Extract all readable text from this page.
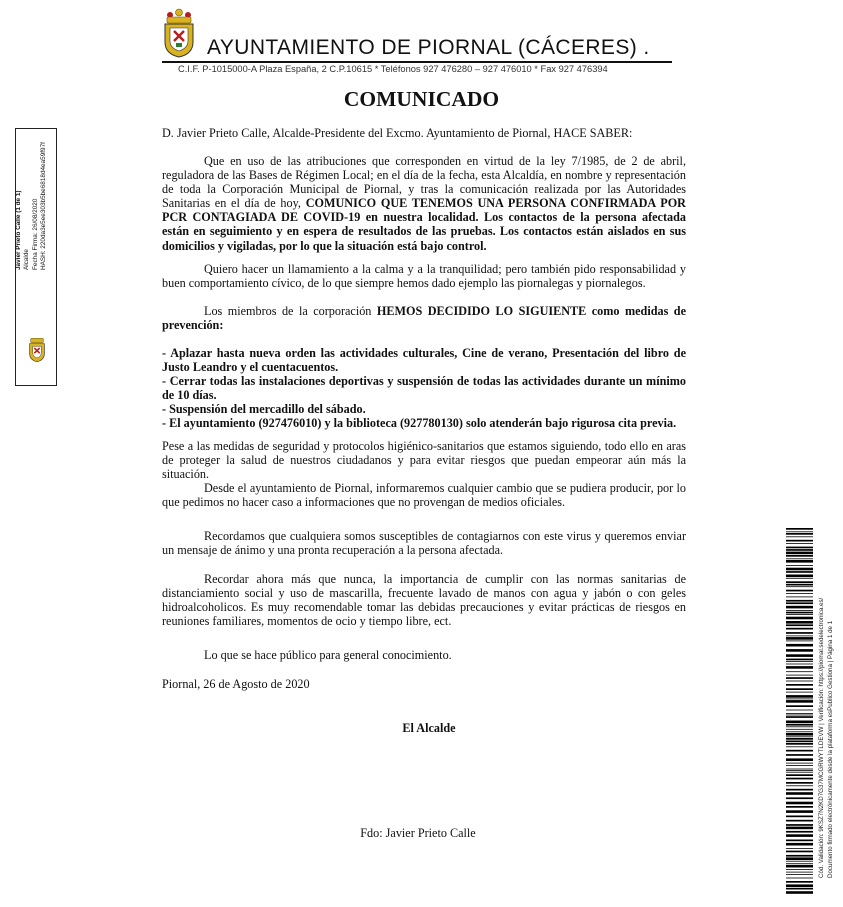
AYUNTAMIENTO DE PIORNAL (CÁCERES) .
C.I.F. P-1015000-A Plaza España, 2 C.P.10615 * Teléfonos 927 476280 – 927 476010 * Fax 927 476394
COMUNICADO
D. Javier Prieto Calle, Alcalde-Presidente del Excmo. Ayuntamiento de Piornal, HACE SABER:

Que en uso de las atribuciones que corresponden en virtud de la ley 7/1985, de 2 de abril, reguladora de las Bases de Régimen Local; en el día de la fecha, esta Alcaldía, en nombre y representación de toda la Corporación Municipal de Piornal, y tras la comunicación realizada por las Autoridades Sanitarias en el día de hoy, COMUNICO QUE TENEMOS UNA PERSONA CONFIRMADA POR PCR CONTAGIADA DE COVID-19 en nuestra localidad. Los contactos de la persona afectada están en seguimiento y en espera de resultados de las pruebas. Los contactos están aislados en sus domicilios y vigiladas, por lo que la situación está bajo control.

Quiero hacer un llamamiento a la calma y a la tranquilidad; pero también pido responsabilidad y buen comportamiento cívico, de lo que siempre hemos dado ejemplo las piornalegas y piornalegos.

Los miembros de la corporación HEMOS DECIDIDO LO SIGUIENTE como medidas de prevención:

- Aplazar hasta nueva orden las actividades culturales, Cine de verano, Presentación del libro de Justo Leandro y el cuentacuentos.

- Cerrar todas las instalaciones deportivas y suspensión de todas las actividades durante un mínimo de 10 días.

- Suspensión del mercadillo del sábado.

- El ayuntamiento (927476010) y la biblioteca (927780130) solo atenderán bajo rigurosa cita previa.

Pese a las medidas de seguridad y protocolos higiénico-sanitarios que estamos siguiendo, todo ello en aras de proteger la salud de nuestros ciudadanos y para evitar riesgos que puedan empeorar aún más la situación.

Desde el ayuntamiento de Piornal, informaremos cualquier cambio que se pudiera producir, por lo que pedimos no hacer caso a informaciones que no provengan de medios oficiales.

Recordamos que cualquiera somos susceptibles de contagiarnos con este virus y queremos enviar un mensaje de ánimo y una pronta recuperación a la persona afectada.

Recordar ahora más que nunca, la importancia de cumplir con las normas sanitarias de distanciamiento social y uso de mascarilla, frecuente lavado de manos con agua y jabón o con geles hidroalcoholicos. Es muy recomendable tomar las debidas precauciones y evitar prácticas de riesgos en reuniones familiares, momentos de ocio y tiempo libre, ect.

Lo que se hace público para general conocimiento.

Piornal, 26 de Agosto de 2020
El Alcalde
Fdo: Javier Prieto Calle
Javier Prieto Calle (1 de 1) Alcalde Fecha Firma: 26/08/2020 HASH: 220da3e5ee303b5be6818d4ea59f97f
Cód. Validación: 9KSZ7N2KD7G37MCGRWYTLDEVW | Verificación: https://piornal.sedelectronica.es/ Documento firmado electrónicamente desde la plataforma esPublico Gestiona | Página 1 de 1
